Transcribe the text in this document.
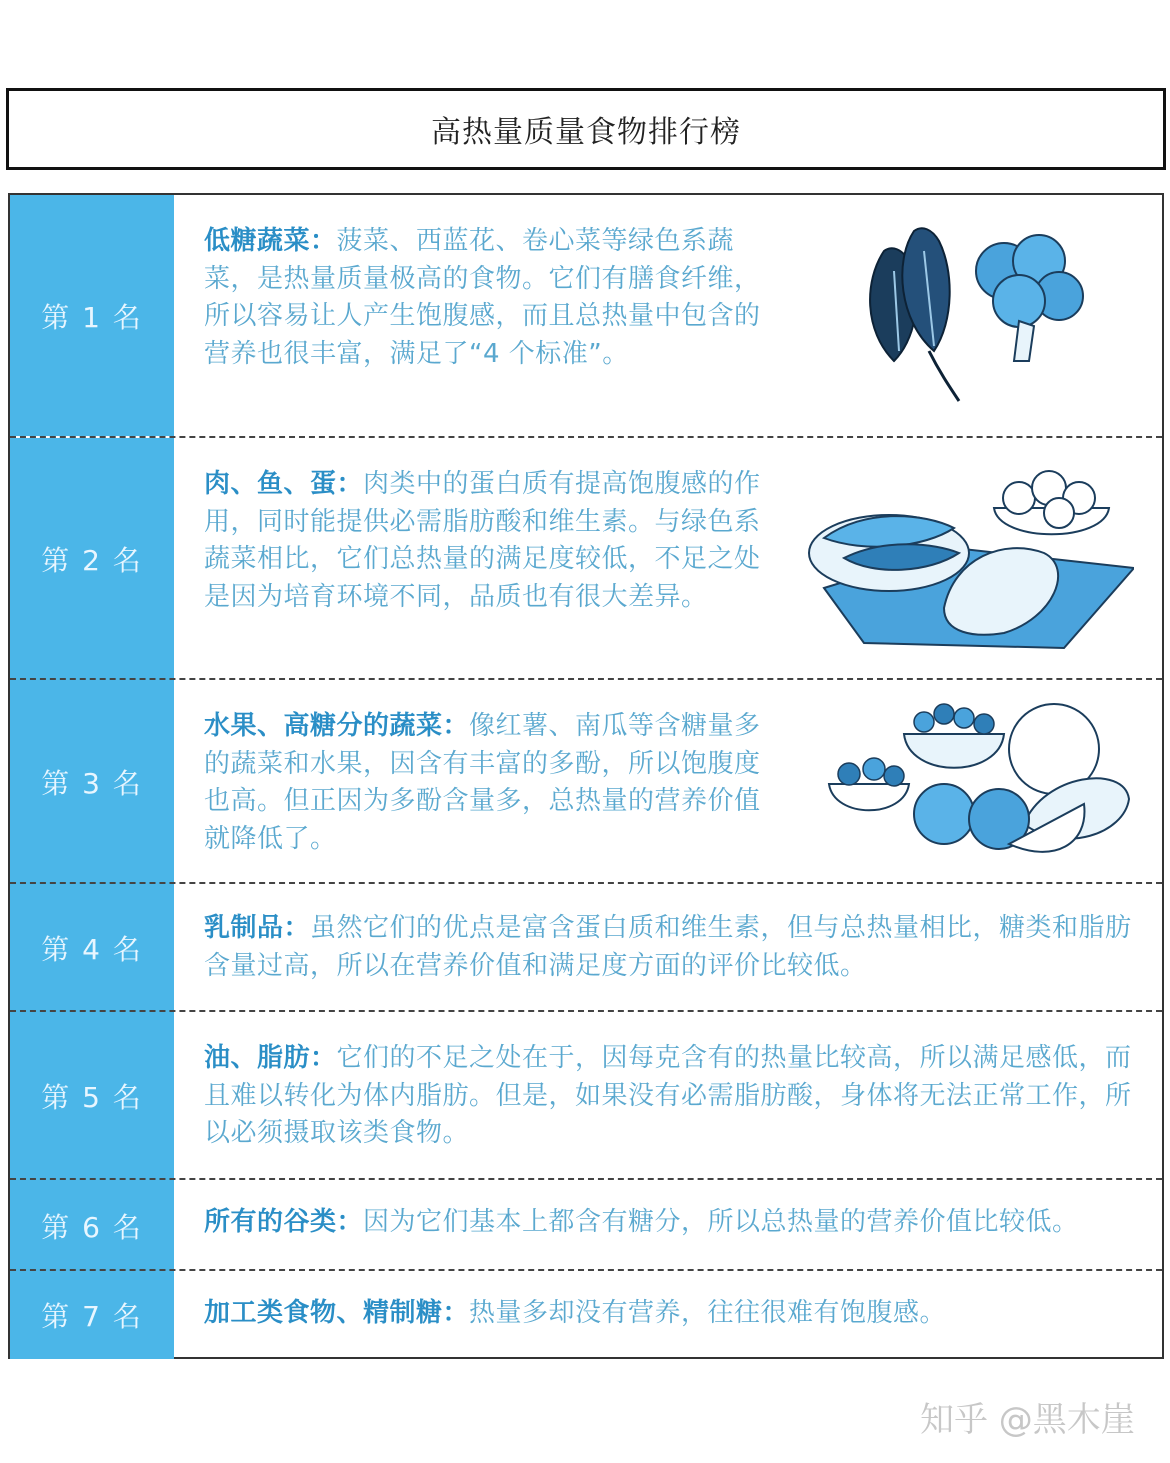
高热量质量食物排行榜
第 1 名
低糖蔬菜：菠菜、西蓝花、卷心菜等绿色系蔬菜，是热量质量极高的食物。它们有膳食纤维，所以容易让人产生饱腹感，而且总热量中包含的营养也很丰富，满足了“4 个标准”。
第 2 名
肉、鱼、蛋：肉类中的蛋白质有提高饱腹感的作用，同时能提供必需脂肪酸和维生素。与绿色系蔬菜相比，它们总热量的满足度较低，不足之处是因为培育环境不同，品质也有很大差异。
第 3 名
水果、高糖分的蔬菜：像红薯、南瓜等含糖量多的蔬菜和水果，因含有丰富的多酚，所以饱腹度也高。但正因为多酚含量多，总热量的营养价值就降低了。
第 4 名
乳制品：虽然它们的优点是富含蛋白质和维生素，但与总热量相比，糖类和脂肪含量过高，所以在营养价值和满足度方面的评价比较低。
第 5 名
油、脂肪：它们的不足之处在于，因每克含有的热量比较高，所以满足感低，而且难以转化为体内脂肪。但是，如果没有必需脂肪酸，身体将无法正常工作，所以必须摄取该类食物。
第 6 名	所有的谷类：因为它们基本上都含有糖分，所以总热量的营养价值比较低。
第 7 名	加工类食物、精制糖：热量多却没有营养，往往很难有饱腹感。
知乎 @黑木崖
